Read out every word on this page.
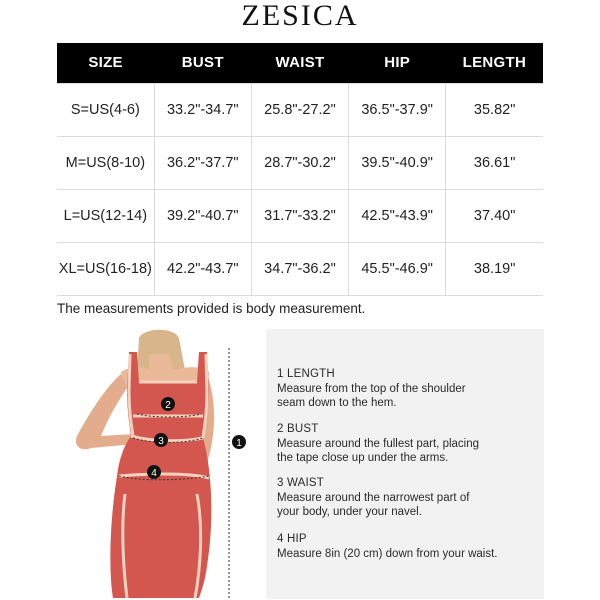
ZESICA
SIZE	BUST	WAIST	HIP	LENGTH
S=US(4-6)	33.2"-34.7"	25.8"-27.2"	36.5"-37.9"	35.82"
M=US(8-10)	36.2"-37.7"	28.7"-30.2"	39.5"-40.9"	36.61"
L=US(12-14)	39.2"-40.7"	31.7"-33.2"	42.5"-43.9"	37.40"
XL=US(16-18)	42.2"-43.7"	34.7"-36.2"	45.5"-46.9"	38.19"
The measurements provided is body measurement.
1
2
3
4
1 LENGTH
Measure from the top of the shoulder
seam down to the hem.
2 BUST
Measure around the fullest part, placing
the tape close up under the arms.
3 WAIST
Measure around the narrowest part of
your body, under your navel.
4 HIP
Measure 8in (20 cm) down from your waist.
